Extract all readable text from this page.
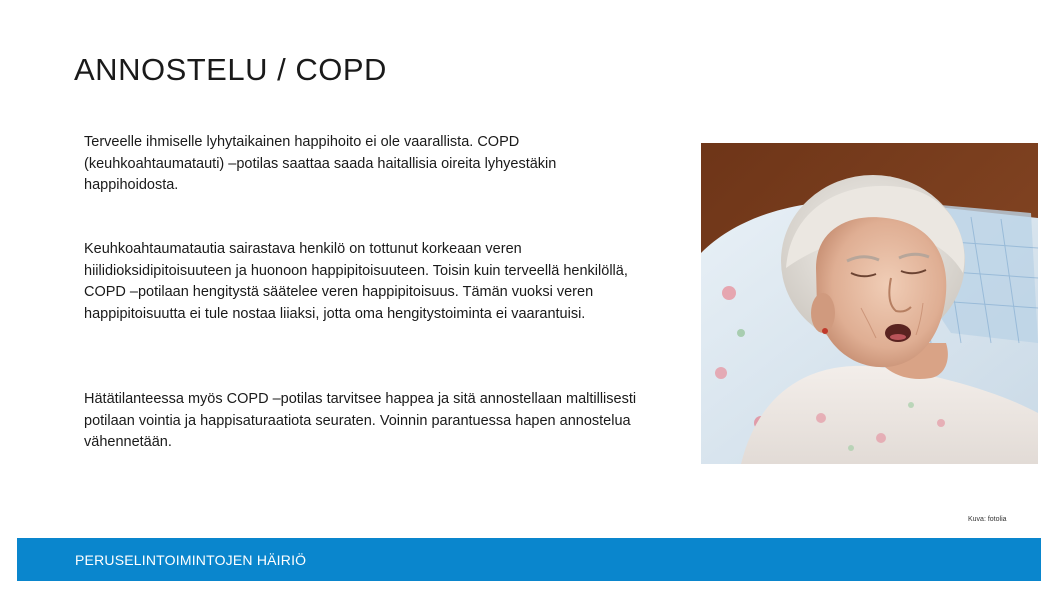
ANNOSTELU / COPD

Terveelle ihmiselle lyhytaikainen happihoito ei ole vaarallista. COPD (keuhkoahtaumatauti) –potilas saattaa saada haitallisia oireita lyhyestäkin happihoidosta.

Keuhkoahtaumatautia sairastava henkilö on tottunut korkeaan veren hiilidioksidipitoisuuteen ja huonoon happipitoisuuteen. Toisin kuin terveellä henkilöllä, COPD –potilaan hengitystä säätelee veren happipitoisuus. Tämän vuoksi veren happipitoisuutta ei tule nostaa liiaksi, jotta oma hengitystoiminta ei vaarantuisi.

Hätätilanteessa myös COPD –potilas tarvitsee happea ja sitä annostellaan maltillisesti potilaan vointia ja happisaturaatiota seuraten. Voinnin parantuessa hapen annostelua vähennetään.

Kuva: fotolia
PERUSELINTOIMINTOJEN HÄIRIÖ
